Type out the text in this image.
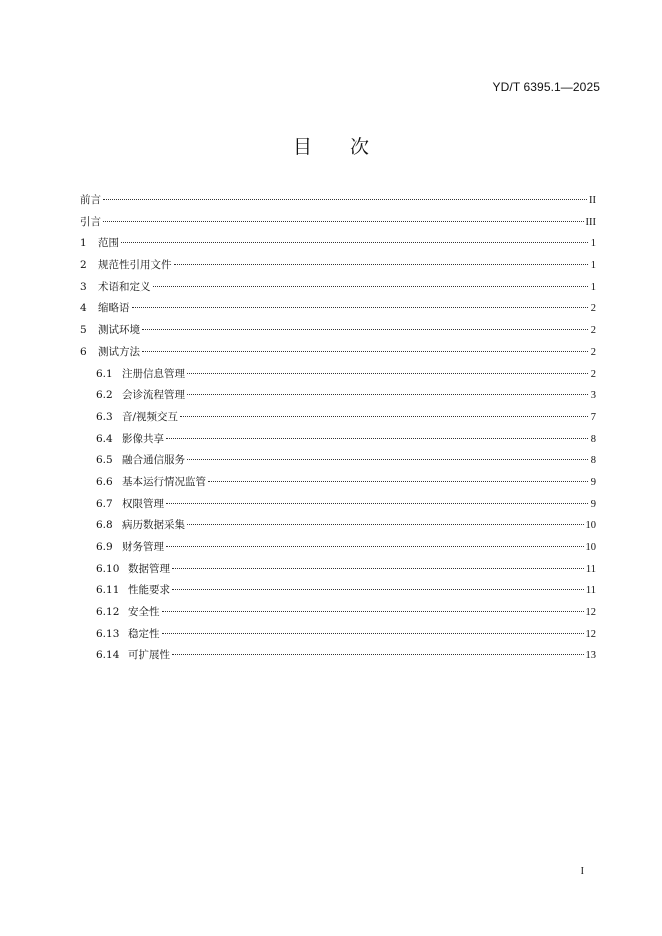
YD/T 6395.1—2025
目 次
前言	II
引言	III
1	范围	1
2	规范性引用文件	1
3	术语和定义	1
4	缩略语	2
5	测试环境	2
6	测试方法	2
6.1 注册信息管理	2
6.2 会诊流程管理	3
6.3 音/视频交互	7
6.4 影像共享	8
6.5 融合通信服务	8
6.6 基本运行情况监管	9
6.7 权限管理	9
6.8 病历数据采集	10
6.9 财务管理	10
6.10 数据管理	11
6.11 性能要求	11
6.12 安全性	12
6.13 稳定性	12
6.14 可扩展性	13
I
